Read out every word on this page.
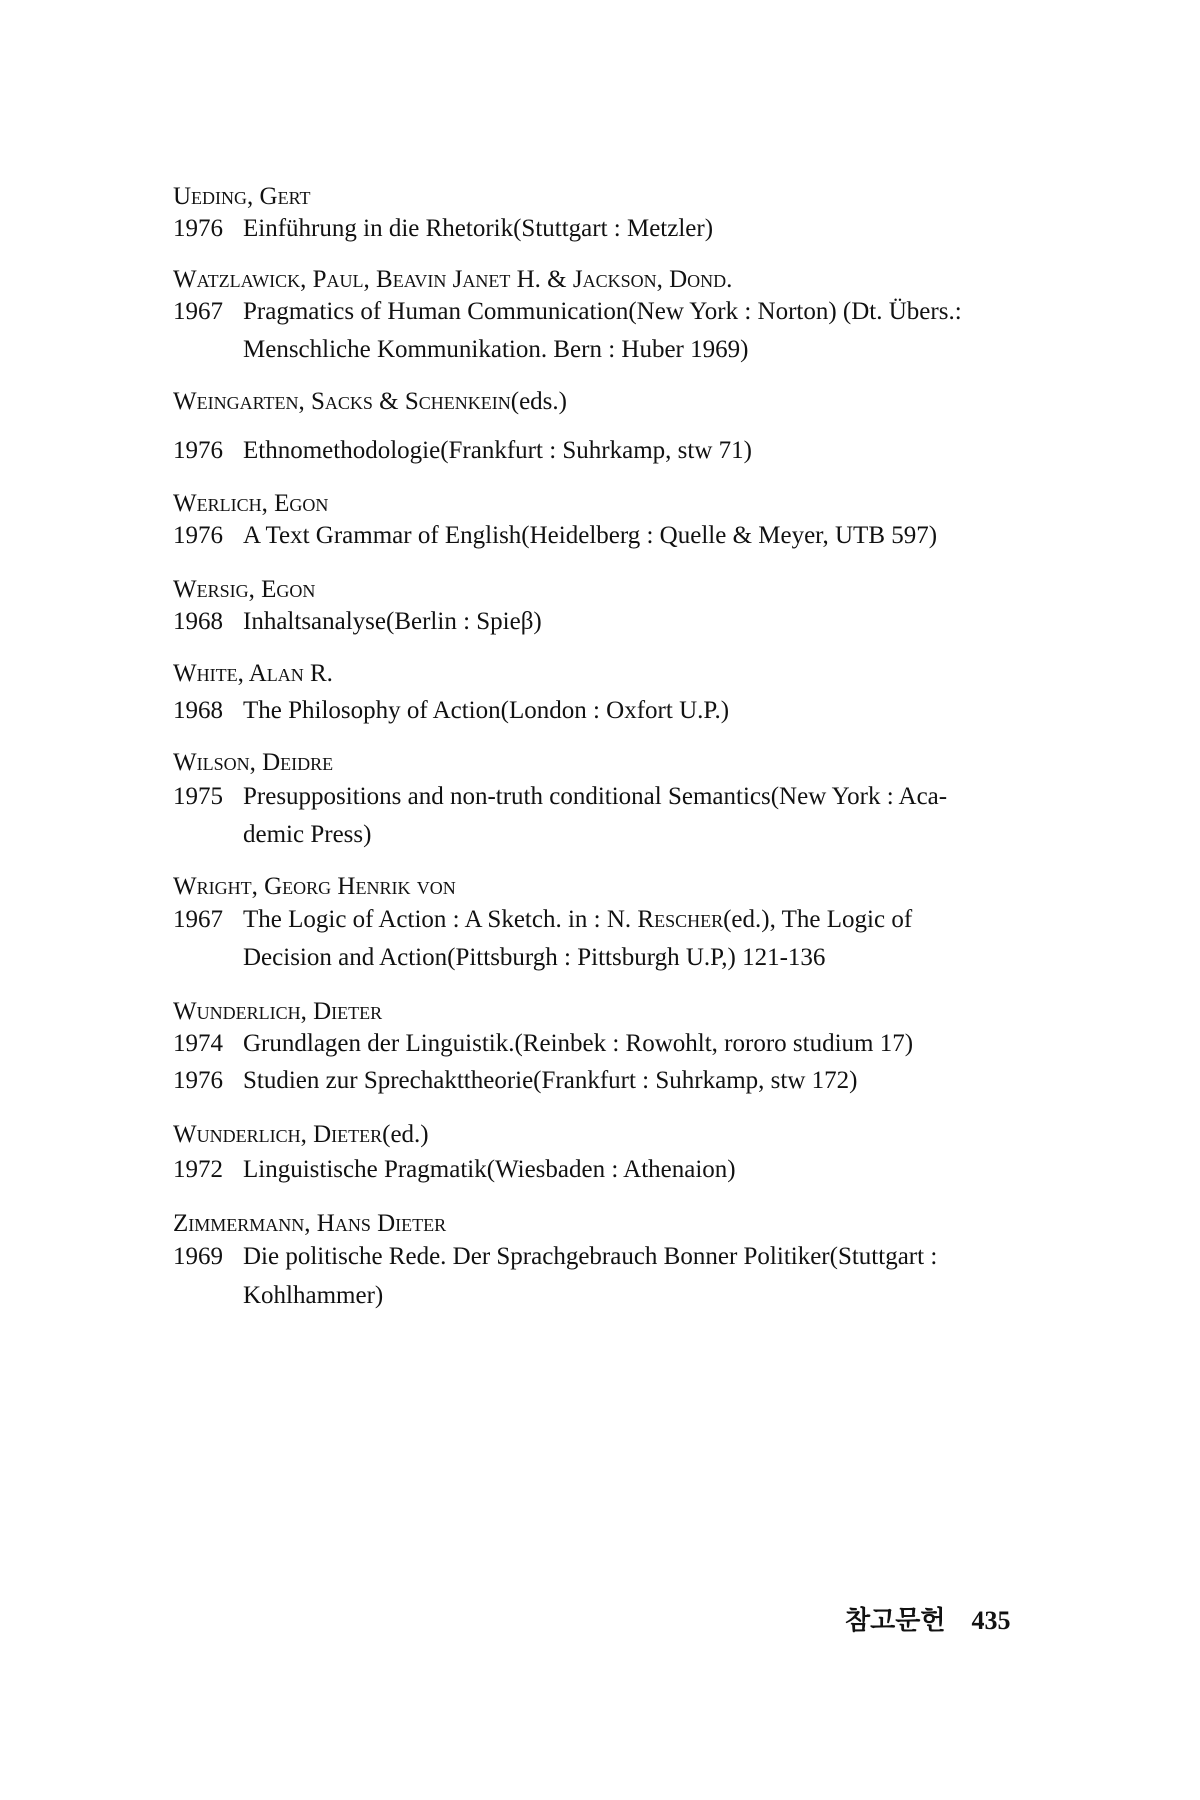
Ueding, Gert
1976 Einführung in die Rhetorik(Stuttgart : Metzler)
Watzlawick, Paul, Beavin Janet H. & Jackson, Dond.
1967 Pragmatics of Human Communication(New York : Norton) (Dt. Übers.:
Menschliche Kommunikation. Bern : Huber 1969)
Weingarten, Sacks & Schenkein(eds.)
1976 Ethnomethodologie(Frankfurt : Suhrkamp, stw 71)
Werlich, Egon
1976 A Text Grammar of English(Heidelberg : Quelle & Meyer, UTB 597)
Wersig, Egon
1968 Inhaltsanalyse(Berlin : Spieβ)
White, Alan R.
1968 The Philosophy of Action(London : Oxfort U.P.)
Wilson, Deidre
1975 Presuppositions and non-truth conditional Semantics(New York : Aca-
demic Press)
Wright, Georg Henrik von
1967 The Logic of Action : A Sketch. in : N. Rescher(ed.), The Logic of
Decision and Action(Pittsburgh : Pittsburgh U.P,) 121-136
Wunderlich, Dieter
1974 Grundlagen der Linguistik.(Reinbek : Rowohlt, rororo studium 17)
1976 Studien zur Sprechakttheorie(Frankfurt : Suhrkamp, stw 172)
Wunderlich, Dieter(ed.)
1972 Linguistische Pragmatik(Wiesbaden : Athenaion)
Zimmermann, Hans Dieter
1969 Die politische Rede. Der Sprachgebrauch Bonner Politiker(Stuttgart :
Kohlhammer)
참고문헌 435
